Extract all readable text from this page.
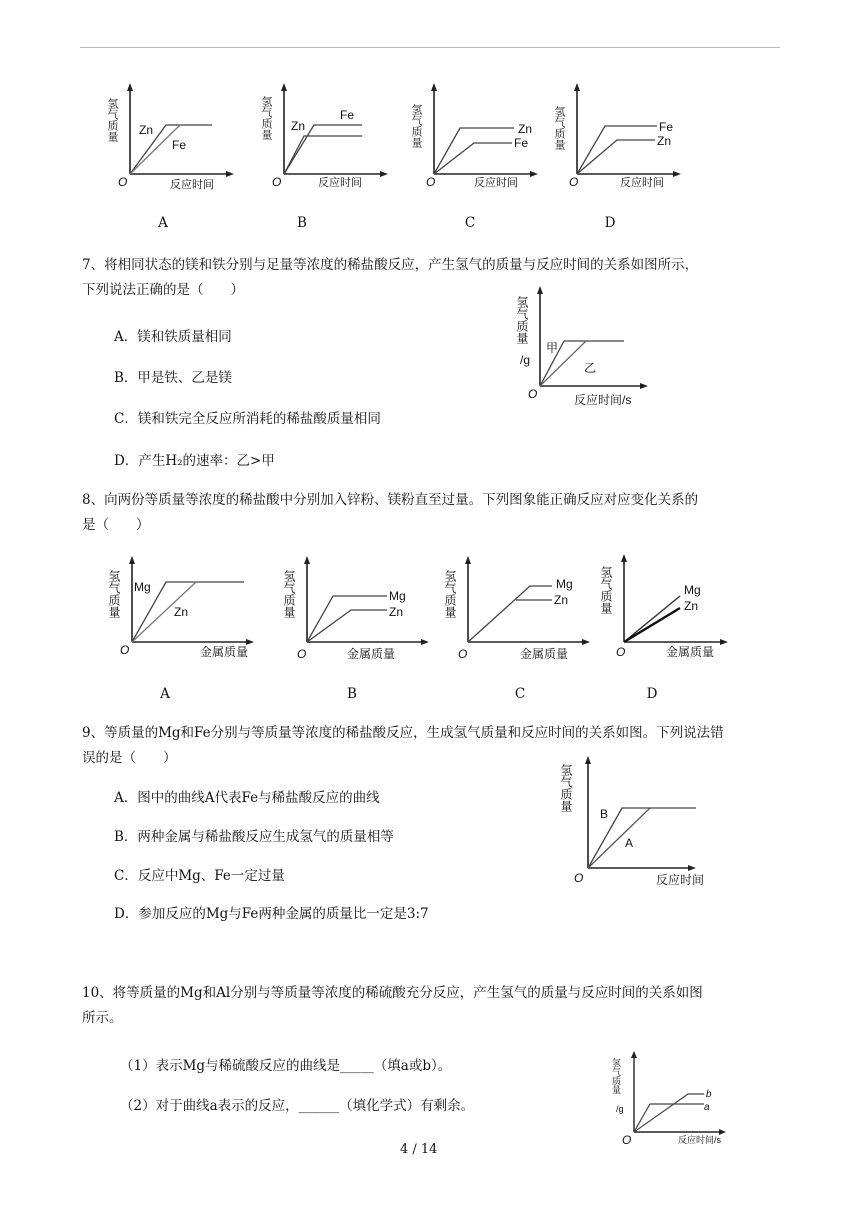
氢气质量
O	反应时间
Zn
Fe
A
氢气质量
O	反应时间
Zn
Fe
B
氢气质量
O	反应时间
Zn
Fe
C
氢气质量
O	反应时间
Fe
Zn
D
7、将相同状态的镁和铁分别与足量等浓度的稀盐酸反应，产生氢气的质量与反应时间的关系如图所示，
下列说法正确的是（　　）
A．镁和铁质量相同
B．甲是铁、乙是镁
C．镁和铁完全反应所消耗的稀盐酸质量相同
D．产生H₂的速率：乙>甲
氢气质量
/g
O	反应时间/s
甲
乙
8、向两份等质量等浓度的稀盐酸中分别加入锌粉、镁粉直至过量。下列图象能正确反应对应变化关系的
是（　　）
氢气质量
O	金属质量
Mg
Zn
A
氢气质量
O	金属质量
Mg
Zn
B
氢气质量
O	金属质量
Mg
Zn
C
氢气质量
O	金属质量
Mg
Zn
D
9、等质量的Mg和Fe分别与等质量等浓度的稀盐酸反应，生成氢气质量和反应时间的关系如图。下列说法错
误的是（　　）
A．图中的曲线A代表Fe与稀盐酸反应的曲线
B．两种金属与稀盐酸反应生成氢气的质量相等
C．反应中Mg、Fe一定过量
D．参加反应的Mg与Fe两种金属的质量比一定是3:7
氢气质量
O	反应时间
B
A
10、将等质量的Mg和Al分别与等质量等浓度的稀硫酸充分反应，产生氢气的质量与反应时间的关系如图
所示。
（1）表示Mg与稀硫酸反应的曲线是_____（填a或b）。
（2）对于曲线a表示的反应，______（填化学式）有剩余。
氢气质量
/g
O	反应时间/s
b
a
4 / 14
